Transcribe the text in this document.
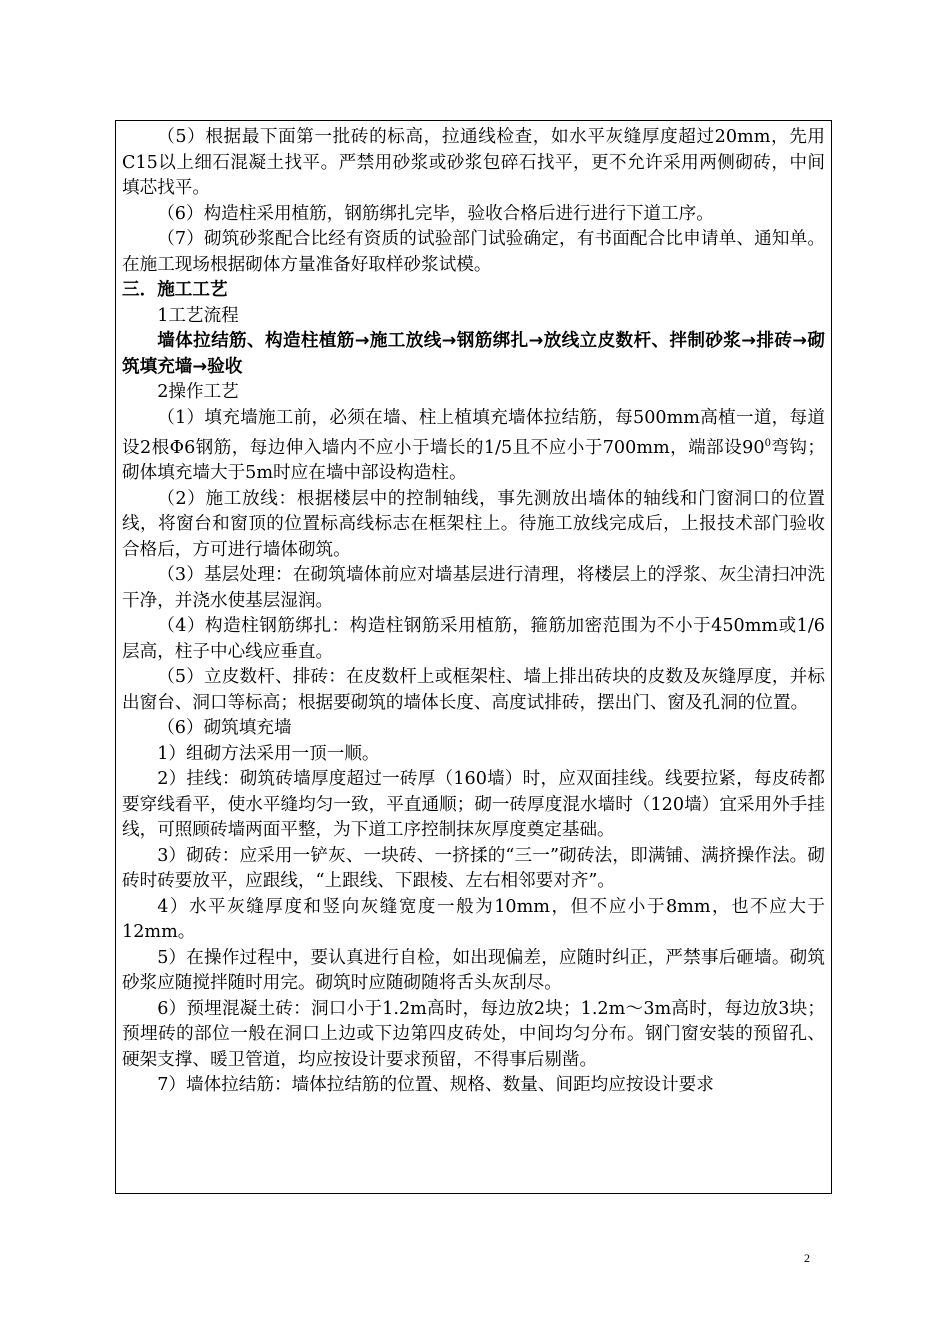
（5）根据最下面第一批砖的标高，拉通线检查，如水平灰缝厚度超过20mm，先用C15以上细石混凝土找平。严禁用砂浆或砂浆包碎石找平，更不允许采用两侧砌砖，中间填芯找平。

（6）构造柱采用植筋，钢筋绑扎完毕，验收合格后进行进行下道工序。

（7）砌筑砂浆配合比经有资质的试验部门试验确定，有书面配合比申请单、通知单。在施工现场根据砌体方量准备好取样砂浆试模。

三．施工工艺

1工艺流程

墙体拉结筋、构造柱植筋→施工放线→钢筋绑扎→放线立皮数杆、拌制砂浆→排砖→砌筑填充墙→验收

2操作工艺

（1）填充墙施工前，必须在墙、柱上植填充墙体拉结筋，每500mm高植一道，每道设2根Φ6钢筋，每边伸入墙内不应小于墙长的1/5且不应小于700mm，端部设$90^0$弯钩；砌体填充墙大于5m时应在墙中部设构造柱。

（2）施工放线：根据楼层中的控制轴线，事先测放出墙体的轴线和门窗洞口的位置线，将窗台和窗顶的位置标高线标志在框架柱上。待施工放线完成后，上报技术部门验收合格后，方可进行墙体砌筑。

（3）基层处理：在砌筑墙体前应对墙基层进行清理，将楼层上的浮浆、灰尘清扫冲洗干净，并浇水使基层湿润。

（4）构造柱钢筋绑扎：构造柱钢筋采用植筋，箍筋加密范围为不小于450mm或1/6层高，柱子中心线应垂直。

（5）立皮数杆、排砖：在皮数杆上或框架柱、墙上排出砖块的皮数及灰缝厚度，并标出窗台、洞口等标高；根据要砌筑的墙体长度、高度试排砖，摆出门、窗及孔洞的位置。

（6）砌筑填充墙

1）组砌方法采用一顶一顺。

2）挂线：砌筑砖墙厚度超过一砖厚（160墙）时，应双面挂线。线要拉紧，每皮砖都要穿线看平，使水平缝均匀一致，平直通顺；砌一砖厚度混水墙时（120墙）宜采用外手挂线，可照顾砖墙两面平整，为下道工序控制抹灰厚度奠定基础。

3）砌砖：应采用一铲灰、一块砖、一挤揉的“三一”砌砖法，即满铺、满挤操作法。砌砖时砖要放平，应跟线，“上跟线、下跟棱、左右相邻要对齐”。

4）水平灰缝厚度和竖向灰缝宽度一般为10mm，但不应小于8mm，也不应大于12mm。

5）在操作过程中，要认真进行自检，如出现偏差，应随时纠正，严禁事后砸墙。砌筑砂浆应随搅拌随时用完。砌筑时应随砌随将舌头灰刮尽。

6）预埋混凝土砖：洞口小于1.2m高时，每边放2块；1.2m～3m高时，每边放3块；预埋砖的部位一般在洞口上边或下边第四皮砖处，中间均匀分布。钢门窗安装的预留孔、硬架支撑、暖卫管道，均应按设计要求预留，不得事后剔凿。

7）墙体拉结筋：墙体拉结筋的位置、规格、数量、间距均应按设计要求

2
